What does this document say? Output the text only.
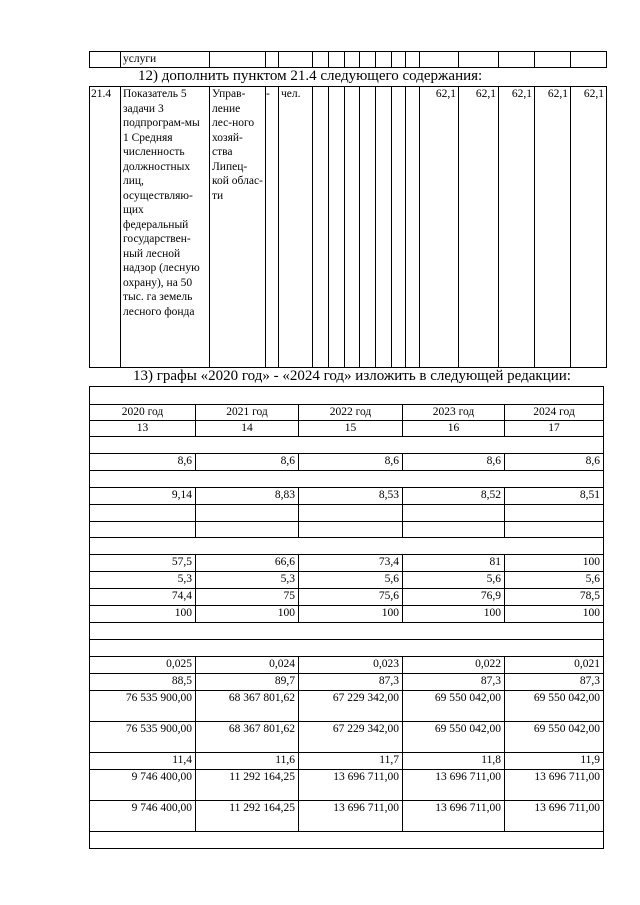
	услуги															
12) дополнить пунктом 21.4 следующего содержания:
21.4	Показатель 5 задачи 3 подпрограм-мы 1 Средняя численность должностных лиц, осуществляю-щих федеральный государствен-ный лесной надзор (лесную охрану), на 50 тыс. га земель лесного фонда	Управ-ление лес-ного хозяй-ства Липец-кой облас-ти	-	чел.								62,1	62,1	62,1	62,1	62,1
13) графы «2020 год» - «2024 год» изложить в следующей редакции:

2020 год	2021 год	2022 год	2023 год	2024 год
13	14	15	16	17

8,6	8,6	8,6	8,6	8,6

9,14	8,83	8,53	8,52	8,51

57,5	66,6	73,4	81	100
5,3	5,3	5,6	5,6	5,6
74,4	75	75,6	76,9	78,5
100	100	100	100	100

0,025	0,024	0,023	0,022	0,021
88,5	89,7	87,3	87,3	87,3
76 535 900,00	68 367 801,62	67 229 342,00	69 550 042,00	69 550 042,00
76 535 900,00	68 367 801,62	67 229 342,00	69 550 042,00	69 550 042,00
11,4	11,6	11,7	11,8	11,9
9 746 400,00	11 292 164,25	13 696 711,00	13 696 711,00	13 696 711,00
9 746 400,00	11 292 164,25	13 696 711,00	13 696 711,00	13 696 711,00
